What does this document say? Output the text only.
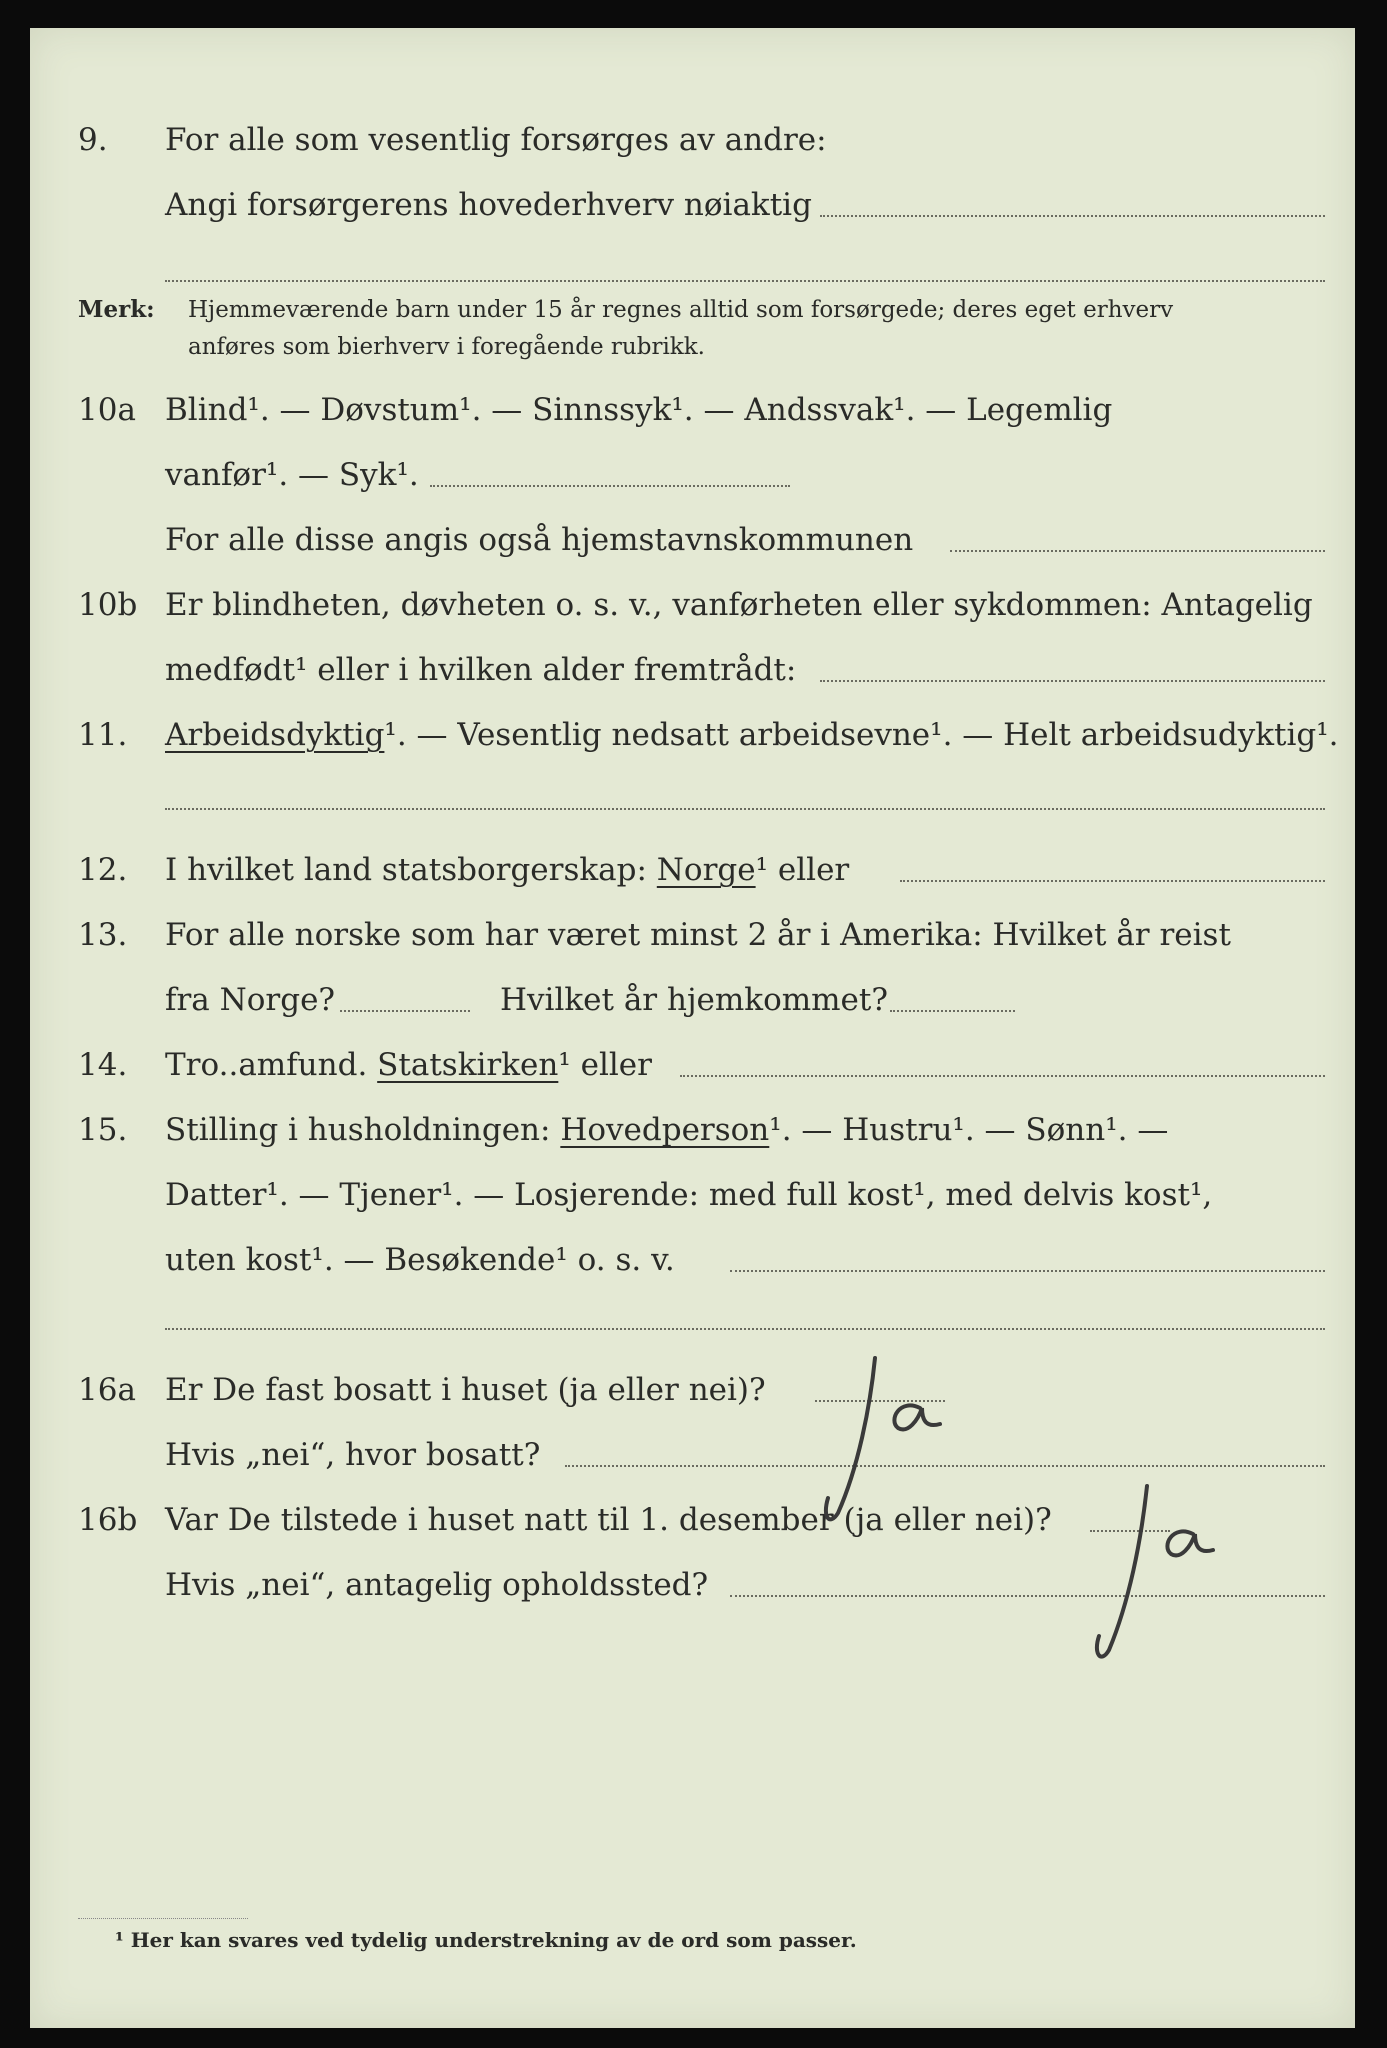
9. For alle som vesentlig forsørges av andre:
Angi forsørgerens hovederhverv nøiaktig
Merk: Hjemmeværende barn under 15 år regnes alltid som forsørgede; deres eget erhverv
anføres som bierhverv i foregående rubrikk.
10a Blind¹. — Døvstum¹. — Sinnssyk¹. — Andssvak¹. — Legemlig
vanfør¹. — Syk¹.
For alle disse angis også hjemstavnskommunen
10b Er blindheten, døvheten o. s. v., vanførheten eller sykdommen: Antagelig
medfødt¹ eller i hvilken alder fremtrådt:
11. Arbeidsdyktig¹. — Vesentlig nedsatt arbeidsevne¹. — Helt arbeidsudyktig¹.
12. I hvilket land statsborgerskap: Norge¹ eller
13. For alle norske som har været minst 2 år i Amerika: Hvilket år reist
fra Norge?	Hvilket år hjemkommet?
14. Tro..amfund. Statskirken¹ eller
15. Stilling i husholdningen: Hovedperson¹. — Hustru¹. — Sønn¹. —
Datter¹. — Tjener¹. — Losjerende: med full kost¹, med delvis kost¹,
uten kost¹. — Besøkende¹ o. s. v.
16a Er De fast bosatt i huset (ja eller nei)?
Hvis „nei“, hvor bosatt?
16b Var De tilstede i huset natt til 1. desember (ja eller nei)?
Hvis „nei“, antagelig opholdssted?
¹ Her kan svares ved tydelig understrekning av de ord som passer.
